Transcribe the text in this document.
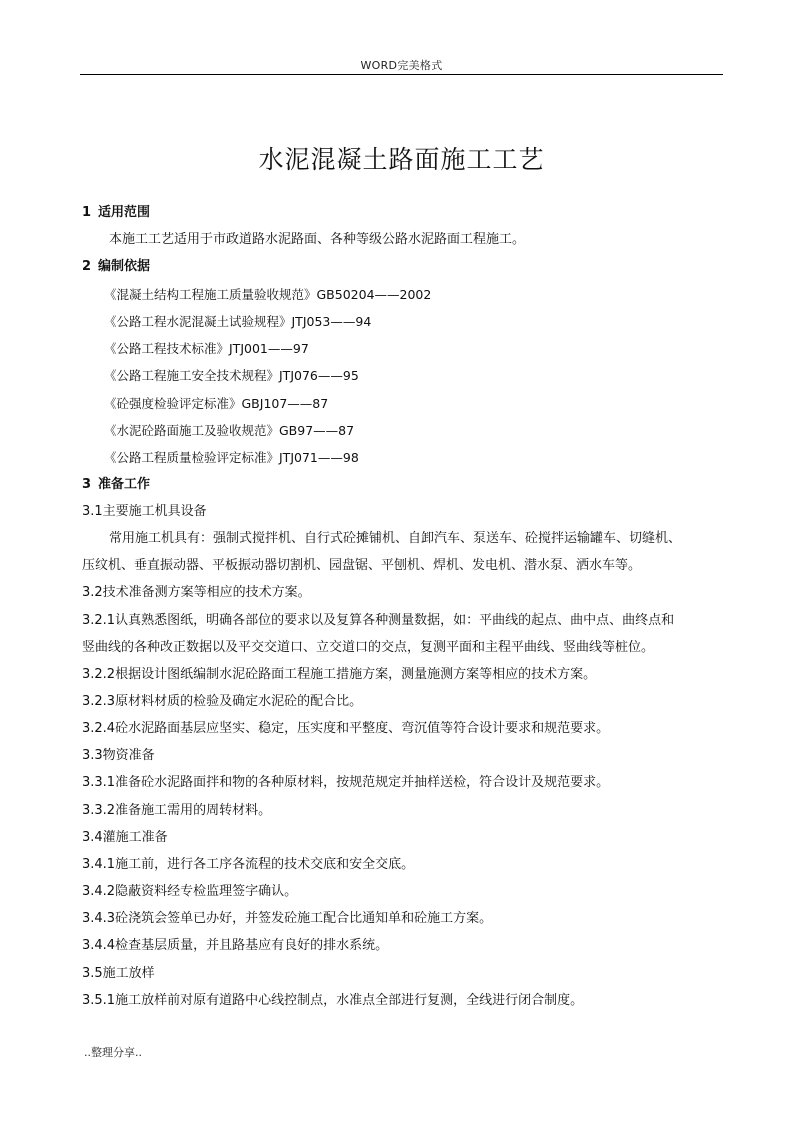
WORD完美格式
水泥混凝土路面施工工艺
1 适用范围
本施工工艺适用于市政道路水泥路面、各种等级公路水泥路面工程施工。
2 编制依据
《混凝土结构工程施工质量验收规范》GB50204——2002
《公路工程水泥混凝土试验规程》JTJ053——94
《公路工程技术标准》JTJ001——97
《公路工程施工安全技术规程》JTJ076——95
《砼强度检验评定标准》GBJ107——87
《水泥砼路面施工及验收规范》GB97——87
《公路工程质量检验评定标准》JTJ071——98
3 准备工作
3.1主要施工机具设备
常用施工机具有：强制式搅拌机、自行式砼摊铺机、自卸汽车、泵送车、砼搅拌运输罐车、切缝机、
压纹机、垂直振动器、平板振动器切割机、园盘锯、平刨机、焊机、发电机、潜水泵、洒水车等。
3.2技术准备测方案等相应的技术方案。
3.2.1认真熟悉图纸，明确各部位的要求以及复算各种测量数据，如：平曲线的起点、曲中点、曲终点和
竖曲线的各种改正数据以及平交交道口、立交道口的交点，复测平面和主程平曲线、竖曲线等桩位。
3.2.2根据设计图纸编制水泥砼路面工程施工措施方案，测量施测方案等相应的技术方案。
3.2.3原材料材质的检验及确定水泥砼的配合比。
3.2.4砼水泥路面基层应坚实、稳定，压实度和平整度、弯沉值等符合设计要求和规范要求。
3.3物资准备
3.3.1准备砼水泥路面拌和物的各种原材料，按规范规定并抽样送检，符合设计及规范要求。
3.3.2准备施工需用的周转材料。
3.4灌施工准备
3.4.1施工前，进行各工序各流程的技术交底和安全交底。
3.4.2隐蔽资料经专检监理签字确认。
3.4.3砼浇筑会签单已办好，并签发砼施工配合比通知单和砼施工方案。
3.4.4检查基层质量，并且路基应有良好的排水系统。
3.5施工放样
3.5.1施工放样前对原有道路中心线控制点，水准点全部进行复测，全线进行闭合制度。
..整理分享..
